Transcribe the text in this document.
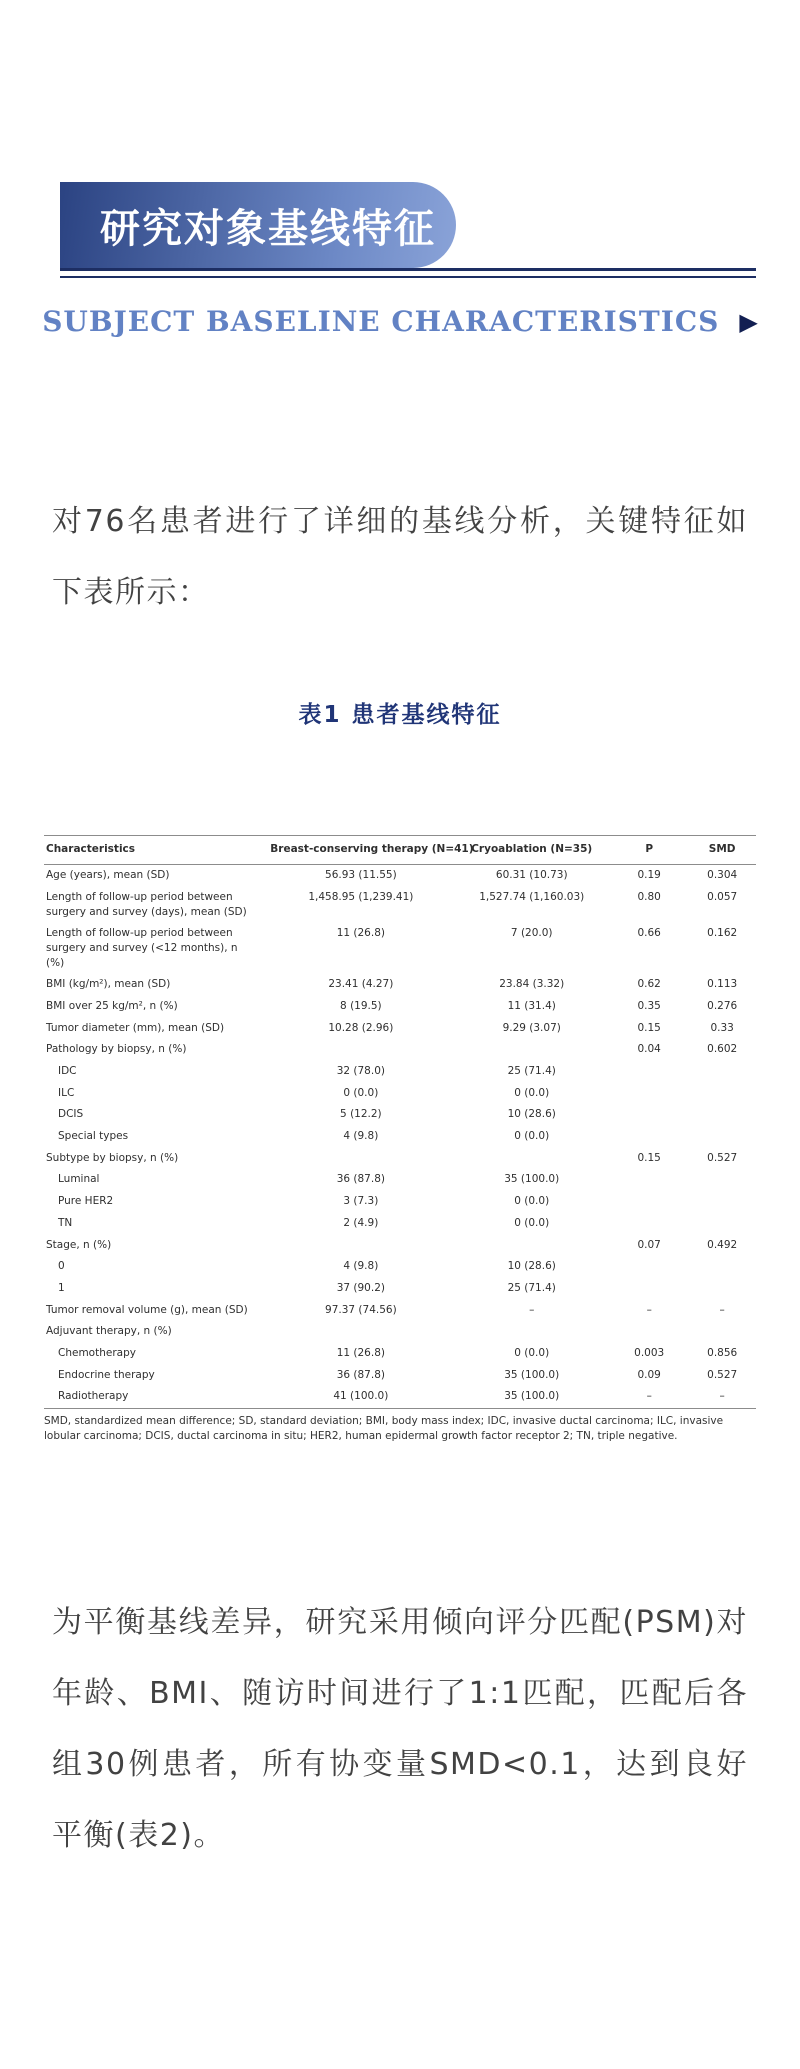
研究对象基线特征
SUBJECT BASELINE CHARACTERISTICS ▶

对76名患者进行了详细的基线分析，关键特征如下表所示：

表1 患者基线特征
Characteristics	Breast-conserving therapy (N=41)	Cryoablation (N=35)	P	SMD
Age (years), mean (SD)	56.93 (11.55)	60.31 (10.73)	0.19	0.304
Length of follow-up period between surgery and survey (days), mean (SD)	1,458.95 (1,239.41)	1,527.74 (1,160.03)	0.80	0.057
Length of follow-up period between surgery and survey (<12 months), n (%)	11 (26.8)	7 (20.0)	0.66	0.162
BMI (kg/m²), mean (SD)	23.41 (4.27)	23.84 (3.32)	0.62	0.113
BMI over 25 kg/m², n (%)	8 (19.5)	11 (31.4)	0.35	0.276
Tumor diameter (mm), mean (SD)	10.28 (2.96)	9.29 (3.07)	0.15	0.33
Pathology by biopsy, n (%)			0.04	0.602
IDC	32 (78.0)	25 (71.4)		
ILC	0 (0.0)	0 (0.0)		
DCIS	5 (12.2)	10 (28.6)		
Special types	4 (9.8)	0 (0.0)		
Subtype by biopsy, n (%)			0.15	0.527
Luminal	36 (87.8)	35 (100.0)		
Pure HER2	3 (7.3)	0 (0.0)		
TN	2 (4.9)	0 (0.0)		
Stage, n (%)			0.07	0.492
0	4 (9.8)	10 (28.6)		
1	37 (90.2)	25 (71.4)		
Tumor removal volume (g), mean (SD)	97.37 (74.56)	–	–	–
Adjuvant therapy, n (%)				
Chemotherapy	11 (26.8)	0 (0.0)	0.003	0.856
Endocrine therapy	36 (87.8)	35 (100.0)	0.09	0.527
Radiotherapy	41 (100.0)	35 (100.0)	–	–

SMD, standardized mean difference; SD, standard deviation; BMI, body mass index; IDC, invasive ductal carcinoma; ILC, invasive lobular carcinoma; DCIS, ductal carcinoma in situ; HER2, human epidermal growth factor receptor 2; TN, triple negative.

为平衡基线差异，研究采用倾向评分匹配(PSM)对年龄、BMI、随访时间进行了1:1匹配，匹配后各组30例患者，所有协变量SMD<0.1，达到良好平衡(表2)。
